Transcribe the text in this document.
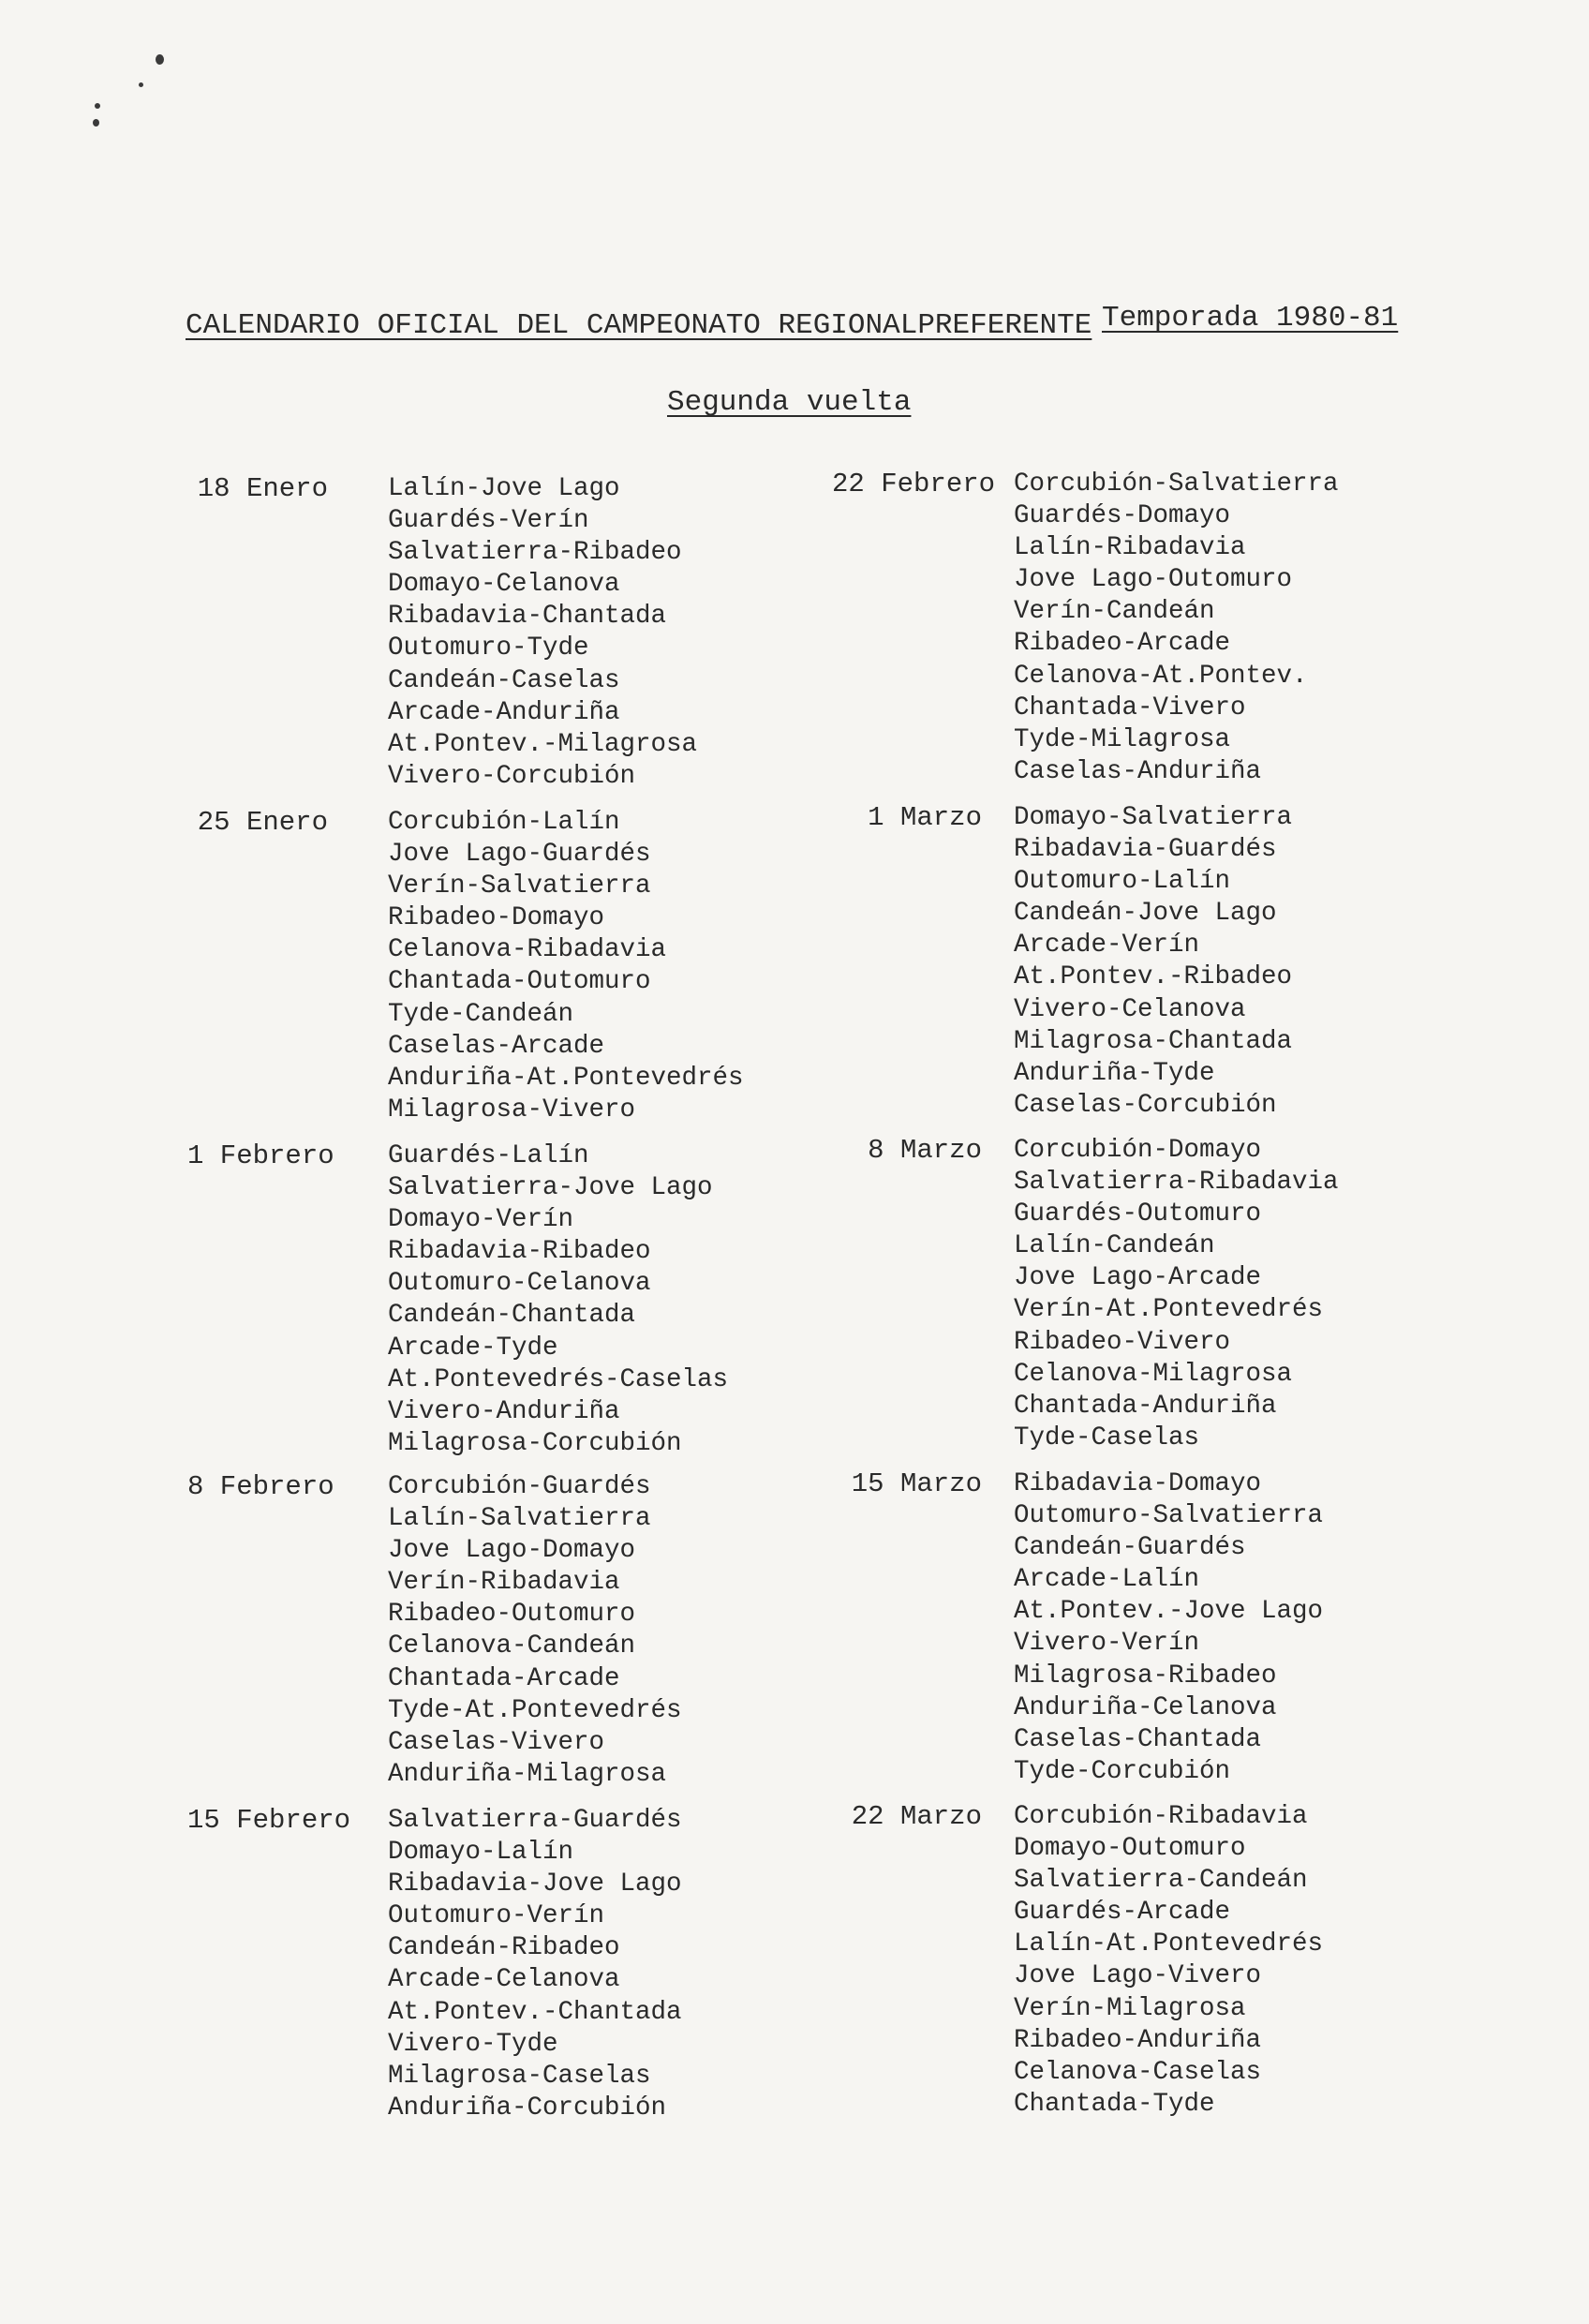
CALENDARIO OFICIAL DEL CAMPEONATO REGIONALPREFERENTE Temporada 1980-81
Segunda vuelta
18 Enero Lalín-Jove Lago
Guardés-Verín
Salvatierra-Ribadeo
Domayo-Celanova
Ribadavia-Chantada
Outomuro-Tyde
Candeán-Caselas
Arcade-Anduriña
At.Pontev.-Milagrosa
Vivero-Corcubión
25 Enero Corcubión-Lalín
Jove Lago-Guardés
Verín-Salvatierra
Ribadeo-Domayo
Celanova-Ribadavia
Chantada-Outomuro
Tyde-Candeán
Caselas-Arcade
Anduriña-At.Pontevedrés
Milagrosa-Vivero
1 Febrero Guardés-Lalín
Salvatierra-Jove Lago
Domayo-Verín
Ribadavia-Ribadeo
Outomuro-Celanova
Candeán-Chantada
Arcade-Tyde
At.Pontevedrés-Caselas
Vivero-Anduriña
Milagrosa-Corcubión
8 Febrero Corcubión-Guardés
Lalín-Salvatierra
Jove Lago-Domayo
Verín-Ribadavia
Ribadeo-Outomuro
Celanova-Candeán
Chantada-Arcade
Tyde-At.Pontevedrés
Caselas-Vivero
Anduriña-Milagrosa
15 Febrero Salvatierra-Guardés
Domayo-Lalín
Ribadavia-Jove Lago
Outomuro-Verín
Candeán-Ribadeo
Arcade-Celanova
At.Pontev.-Chantada
Vivero-Tyde
Milagrosa-Caselas
Anduriña-Corcubión
22 Febrero Corcubión-Salvatierra
Guardés-Domayo
Lalín-Ribadavia
Jove Lago-Outomuro
Verín-Candeán
Ribadeo-Arcade
Celanova-At.Pontev.
Chantada-Vivero
Tyde-Milagrosa
Caselas-Anduriña
1 Marzo Domayo-Salvatierra
Ribadavia-Guardés
Outomuro-Lalín
Candeán-Jove Lago
Arcade-Verín
At.Pontev.-Ribadeo
Vivero-Celanova
Milagrosa-Chantada
Anduriña-Tyde
Caselas-Corcubión
8 Marzo Corcubión-Domayo
Salvatierra-Ribadavia
Guardés-Outomuro
Lalín-Candeán
Jove Lago-Arcade
Verín-At.Pontevedrés
Ribadeo-Vivero
Celanova-Milagrosa
Chantada-Anduriña
Tyde-Caselas
15 Marzo Ribadavia-Domayo
Outomuro-Salvatierra
Candeán-Guardés
Arcade-Lalín
At.Pontev.-Jove Lago
Vivero-Verín
Milagrosa-Ribadeo
Anduriña-Celanova
Caselas-Chantada
Tyde-Corcubión
22 Marzo Corcubión-Ribadavia
Domayo-Outomuro
Salvatierra-Candeán
Guardés-Arcade
Lalín-At.Pontevedrés
Jove Lago-Vivero
Verín-Milagrosa
Ribadeo-Anduriña
Celanova-Caselas
Chantada-Tyde
